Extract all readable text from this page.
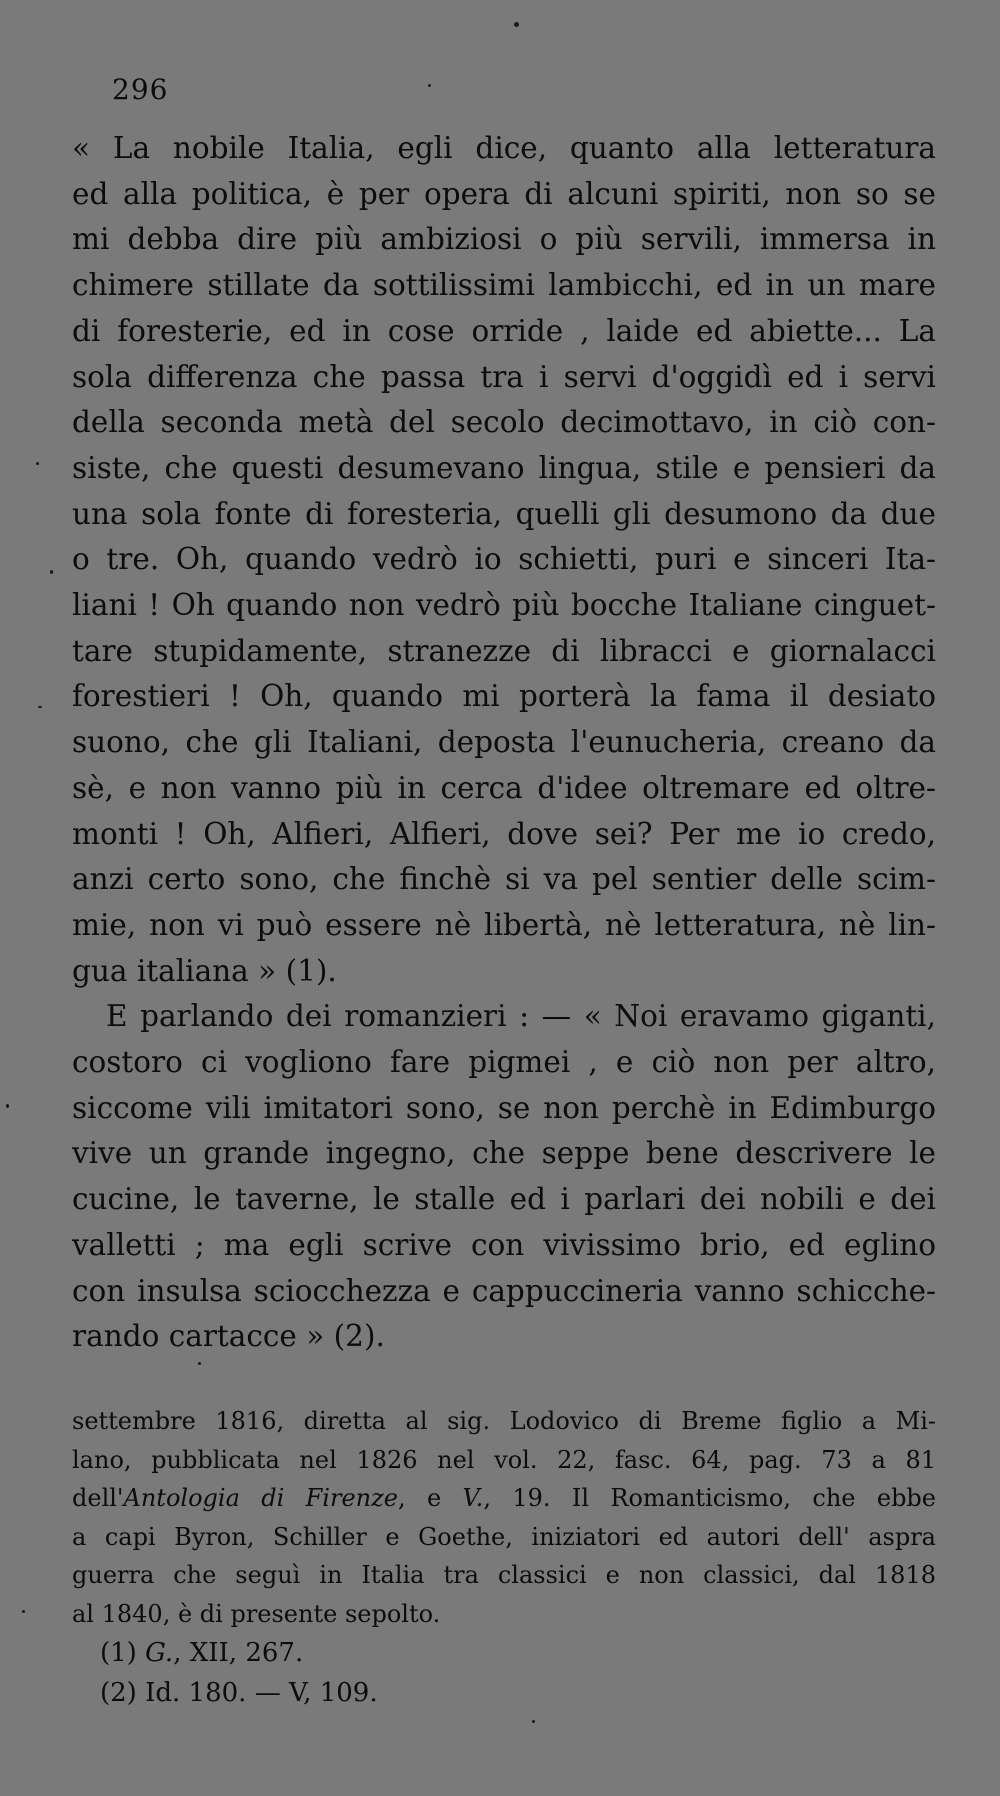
296
« La nobile Italia, egli dice, quanto alla letteratura
ed alla politica, è per opera di alcuni spiriti, non so se
mi debba dire più ambiziosi o più servili, immersa in
chimere stillate da sottilissimi lambicchi, ed in un mare
di foresterie, ed in cose orride , laide ed abiette... La
sola differenza che passa tra i servi d'oggidì ed i servi
della seconda metà del secolo decimottavo, in ciò con-
siste, che questi desumevano lingua, stile e pensieri da
una sola fonte di foresteria, quelli gli desumono da due
o tre. Oh, quando vedrò io schietti, puri e sinceri Ita-
liani ! Oh quando non vedrò più bocche Italiane cinguet-
tare stupidamente, stranezze di libracci e giornalacci
forestieri ! Oh, quando mi porterà la fama il desiato
suono, che gli Italiani, deposta l'eunucheria, creano da
sè, e non vanno più in cerca d'idee oltremare ed oltre-
monti ! Oh, Alfieri, Alfieri, dove sei? Per me io credo,
anzi certo sono, che finchè si va pel sentier delle scim-
mie, non vi può essere nè libertà, nè letteratura, nè lin-
gua italiana » (1).
E parlando dei romanzieri : — « Noi eravamo giganti,
costoro ci vogliono fare pigmei , e ciò non per altro,
siccome vili imitatori sono, se non perchè in Edimburgo
vive un grande ingegno, che seppe bene descrivere le
cucine, le taverne, le stalle ed i parlari dei nobili e dei
valletti ; ma egli scrive con vivissimo brio, ed eglino
con insulsa sciocchezza e cappuccineria vanno schicche-
rando cartacce » (2).
settembre 1816, diretta al sig. Lodovico di Breme figlio a Mi-
lano, pubblicata nel 1826 nel vol. 22, fasc. 64, pag. 73 a 81
dell'Antologia di Firenze, e V., 19. Il Romanticismo, che ebbe
a capi Byron, Schiller e Goethe, iniziatori ed autori dell' aspra
guerra che seguì in Italia tra classici e non classici, dal 1818
al 1840, è di presente sepolto.
(1) G., XII, 267.
(2) Id. 180. — V, 109.
